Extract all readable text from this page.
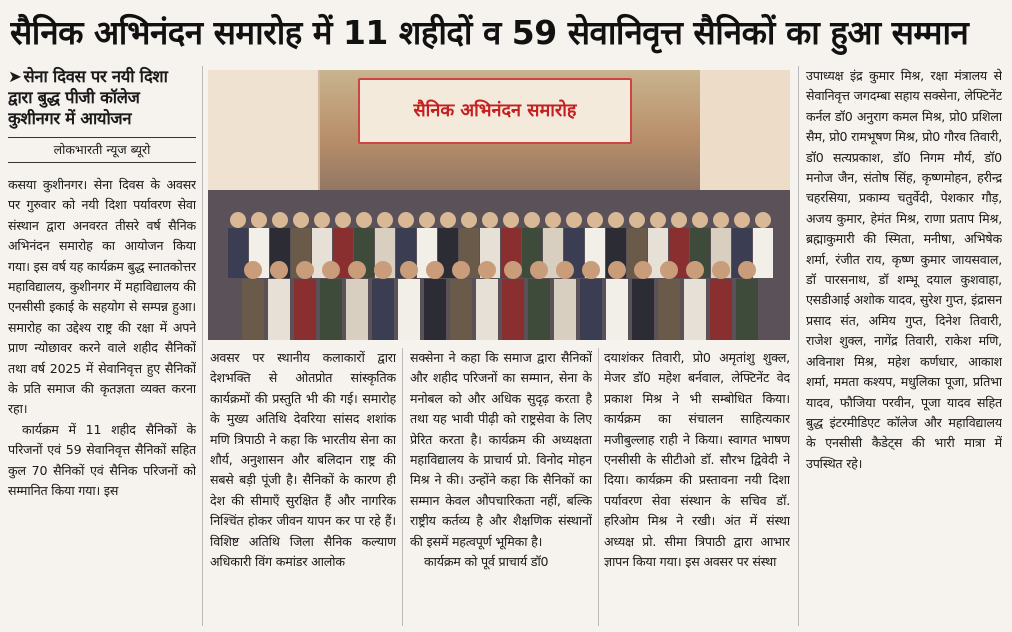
सैनिक अभिनंदन समारोह में 11 शहीदों व 59 सेवानिवृत्त सैनिकों का हुआ सम्मान

➤ सेना दिवस पर नयी दिशा द्वारा बुद्ध पीजी कॉलेज कुशीनगर में आयोजन

लोकभारती न्यूज ब्यूरो

कसया कुशीनगर। सेना दिवस के अवसर पर गुरुवार को नयी दिशा पर्यावरण सेवा संस्थान द्वारा अनवरत तीसरे वर्ष सैनिक अभिनंदन समारोह का आयोजन किया गया। इस वर्ष यह कार्यक्रम बुद्ध स्नातकोत्तर महाविद्यालय, कुशीनगर में महाविद्यालय की एनसीसी इकाई के सहयोग से सम्पन्न हुआ। समारोह का उद्देश्य राष्ट्र की रक्षा में अपने प्राण न्योछावर करने वाले शहीद सैनिकों तथा वर्ष 2025 में सेवानिवृत्त हुए सैनिकों के प्रति समाज की कृतज्ञता व्यक्त करना रहा।

कार्यक्रम में 11 शहीद सैनिकों के परिजनों एवं 59 सेवानिवृत्त सैनिकों सहित कुल 70 सैनिकों एवं सैनिक परिजनों को सम्मानित किया गया। इस

सैनिक अभिनंदन समारोह
अवसर पर स्थानीय कलाकारों द्वारा देशभक्ति से ओतप्रोत सांस्कृतिक कार्यक्रमों की प्रस्तुति भी की गई। समारोह के मुख्य अतिथि देवरिया सांसद शशांक मणि त्रिपाठी ने कहा कि भारतीय सेना का शौर्य, अनुशासन और बलिदान राष्ट्र की सबसे बड़ी पूंजी है। सैनिकों के कारण ही देश की सीमाएँ सुरक्षित हैं और नागरिक निश्चिंत होकर जीवन यापन कर पा रहे हैं। विशिष्ट अतिथि जिला सैनिक कल्याण अधिकारी विंग कमांडर आलोक

सक्सेना ने कहा कि समाज द्वारा सैनिकों और शहीद परिजनों का सम्मान, सेना के मनोबल को और अधिक सुदृढ़ करता है तथा यह भावी पीढ़ी को राष्ट्रसेवा के लिए प्रेरित करता है। कार्यक्रम की अध्यक्षता महाविद्यालय के प्राचार्य प्रो. विनोद मोहन मिश्र ने की। उन्होंने कहा कि सैनिकों का सम्मान केवल औपचारिकता नहीं, बल्कि राष्ट्रीय कर्तव्य है और शैक्षणिक संस्थानों की इसमें महत्वपूर्ण भूमिका है।

कार्यक्रम को पूर्व प्राचार्य डॉ0

दयाशंकर तिवारी, प्रो0 अमृतांशु शुक्ल, मेजर डॉ0 महेश बर्नवाल, लेफ्टिनेंट वेद प्रकाश मिश्र ने भी सम्बोधित किया। कार्यक्रम का संचालन साहित्यकार मजीबुल्लाह राही ने किया। स्वागत भाषण एनसीसी के सीटीओ डॉ. सौरभ द्विवेदी ने दिया। कार्यक्रम की प्रस्तावना नयी दिशा पर्यावरण सेवा संस्थान के सचिव डॉ. हरिओम मिश्र ने रखी। अंत में संस्था अध्यक्ष प्रो. सीमा त्रिपाठी द्वारा आभार ज्ञापन किया गया। इस अवसर पर संस्था
उपाध्यक्ष इंद्र कुमार मिश्र, रक्षा मंत्रालय से सेवानिवृत्त जगदम्बा सहाय सक्सेना, लेफ्टिनेंट कर्नल डॉ0 अनुराग कमल मिश्र, प्रो0 प्रशिला सैम, प्रो0 रामभूषण मिश्र, प्रो0 गौरव तिवारी, डॉ0 सत्यप्रकाश, डॉ0 निगम मौर्य, डॉ0 मनोज जैन, संतोष सिंह, कृष्णमोहन, हरीन्द्र चहरसिया, प्रकाम्य चतुर्वेदी, पेशकार गौड़, अजय कुमार, हेमंत मिश्र, राणा प्रताप मिश्र, ब्रह्माकुमारी की स्मिता, मनीषा, अभिषेक शर्मा, रंजीत राय, कृष्ण कुमार जायसवाल, डॉ पारसनाथ, डॉ शम्भू दयाल कुशवाहा, एसडीआई अशोक यादव, सुरेश गुप्त, इंद्रासन प्रसाद संत, अमिय गुप्त, दिनेश तिवारी, राजेश शुक्ल, नागेंद्र तिवारी, राकेश मणि, अविनाश मिश्र, महेश कर्णधार, आकाश शर्मा, ममता कश्यप, मधुलिका पूजा, प्रतिभा यादव, फौजिया परवीन, पूजा यादव सहित बुद्ध इंटरमीडिएट कॉलेज और महाविद्यालय के एनसीसी कैडेट्स की भारी मात्रा में उपस्थित रहे।
